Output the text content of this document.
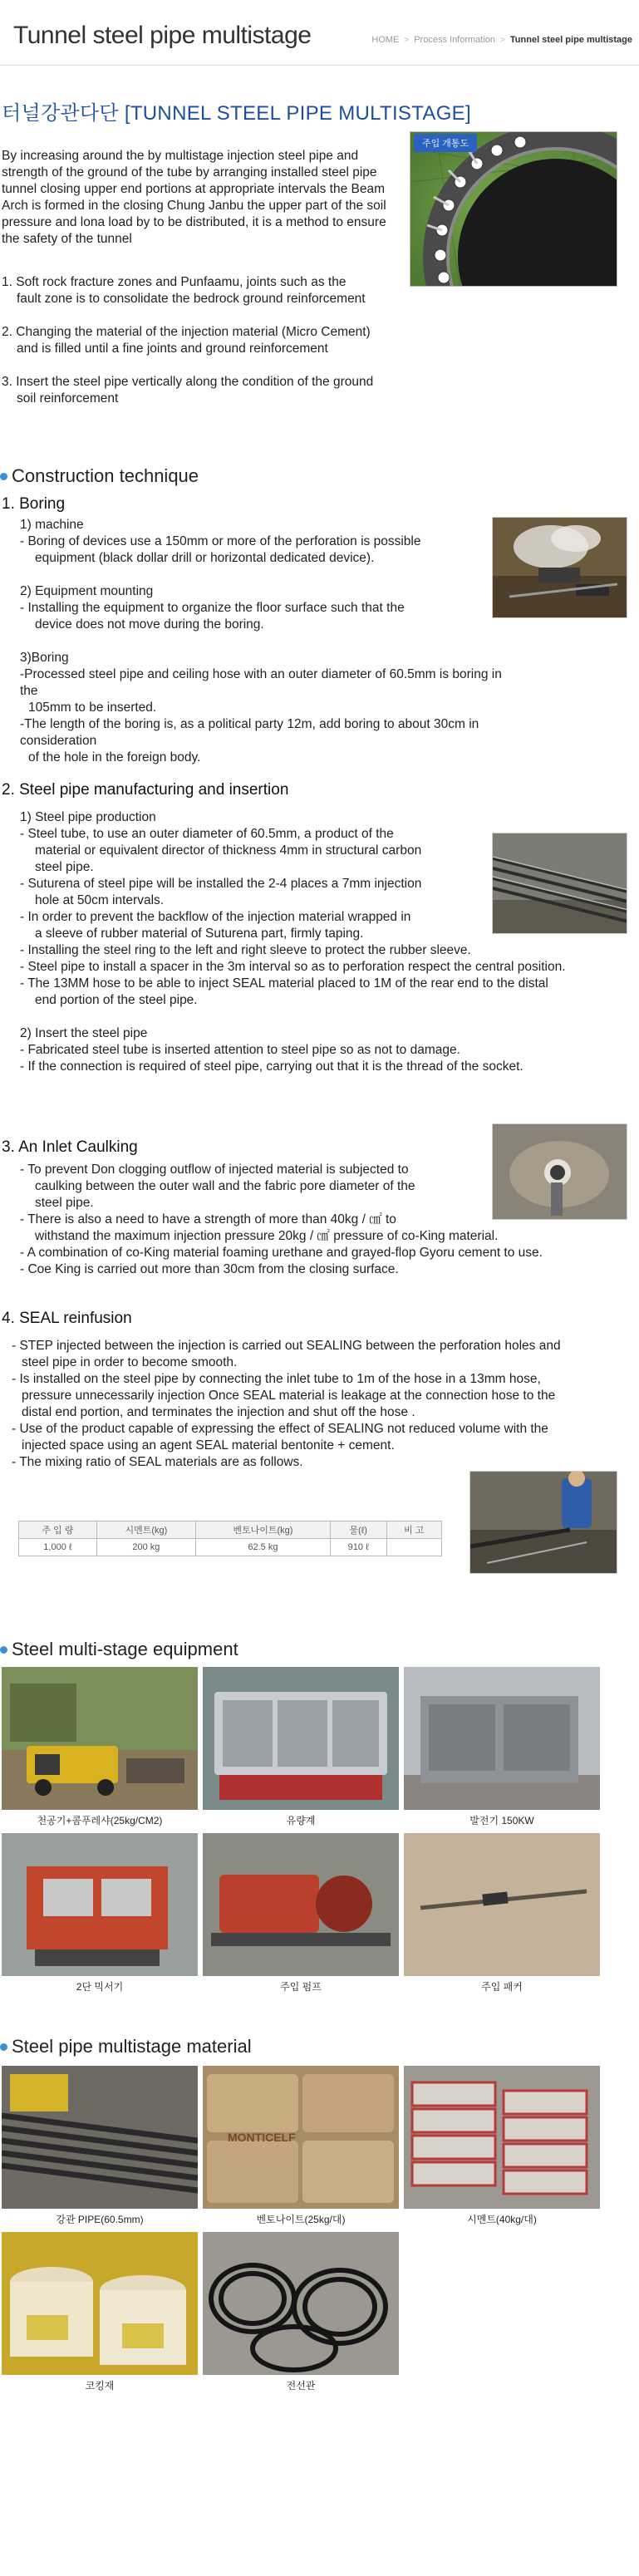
Tunnel steel pipe multistage	HOME > Process Information > Tunnel steel pipe multistage
터널강관다단 [TUNNEL STEEL PIPE MULTISTAGE]
By increasing around the by multistage injection steel pipe and strength of the ground of the tube by arranging installed steel pipe tunnel closing upper end portions at appropriate intervals the Beam Arch is formed in the closing Chung Janbu the upper part of the soil pressure and lona load by to be distributed, it is a method to ensure the safety of the tunnel
주입 개통도
1. Soft rock fracture zones and Punfaamu, joints such as the
fault zone is to consolidate the bedrock ground reinforcement
2. Changing the material of the injection material (Micro Cement)
and is filled until a fine joints and ground reinforcement
3. Insert the steel pipe vertically along the condition of the ground
soil reinforcement
Construction technique
1. Boring

1) machine

- Boring of devices use a 150mm or more of the perforation is possible

equipment (black dollar drill or horizontal dedicated device).

2) Equipment mounting

- Installing the equipment to organize the floor surface such that the

device does not move during the boring.

3)Boring

-Processed steel pipe and ceiling hose with an outer diameter of 60.5mm is boring in the

105mm to be inserted.

-The length of the boring is, as a political party 12m, add boring to about 30cm in consideration

of the hole in the foreign body.

2. Steel pipe manufacturing and insertion

1) Steel pipe production

- Steel tube, to use an outer diameter of 60.5mm, a product of the

material or equivalent director of thickness 4mm in structural carbon

steel pipe.

- Suturena of steel pipe will be installed the 2-4 places a 7mm injection

hole at 50cm intervals.

- In order to prevent the backflow of the injection material wrapped in

a sleeve of rubber material of Suturena part, firmly taping.

- Installing the steel ring to the left and right sleeve to protect the rubber sleeve.

- Steel pipe to install a spacer in the 3m interval so as to perforation respect the central position.

- The 13MM hose to be able to inject SEAL material placed to 1M of the rear end to the distal

end portion of the steel pipe.

2) Insert the steel pipe

- Fabricated steel tube is inserted attention to steel pipe so as not to damage.

- If the connection is required of steel pipe, carrying out that it is the thread of the socket.

3. An Inlet Caulking

- To prevent Don clogging outflow of injected material is subjected to

caulking between the outer wall and the fabric pore diameter of the

steel pipe.

- There is also a need to have a strength of more than 40kg / ㎠ to

withstand the maximum injection pressure 20kg / ㎠ pressure of co-King material.

- A combination of co-King material foaming urethane and grayed-flop Gyoru cement to use.

- Coe King is carried out more than 30cm from the closing surface.

4. SEAL reinfusion

- STEP injected between the injection is carried out SEALING between the perforation holes and

steel pipe in order to become smooth.

- Is installed on the steel pipe by connecting the inlet tube to 1m of the hose in a 13mm hose,

pressure unnecessarily injection Once SEAL material is leakage at the connection hose to the

distal end portion, and terminates the injection and shut off the hose .

- Use of the product capable of expressing the effect of SEALING not reduced volume with the

injected space using an agent SEAL material bentonite + cement.

- The mixing ratio of SEAL materials are as follows.

주 입 량	시멘트(kg)	벤토나이트(kg)	물(ℓ)	비 고
1,000 ℓ	200 kg	62.5 kg	910 ℓ	
Steel multi-stage equipment
천공기+콤푸레샤(25kg/CM2)	유량계	발전기 150KW
2단 믹서기	주입 펌프	주입 패커
Steel pipe multistage material
강관 PIPE(60.5mm)
MONTICELF
벤토나이트(25kg/대)	시멘트(40kg/대)
코킹재	전선관
